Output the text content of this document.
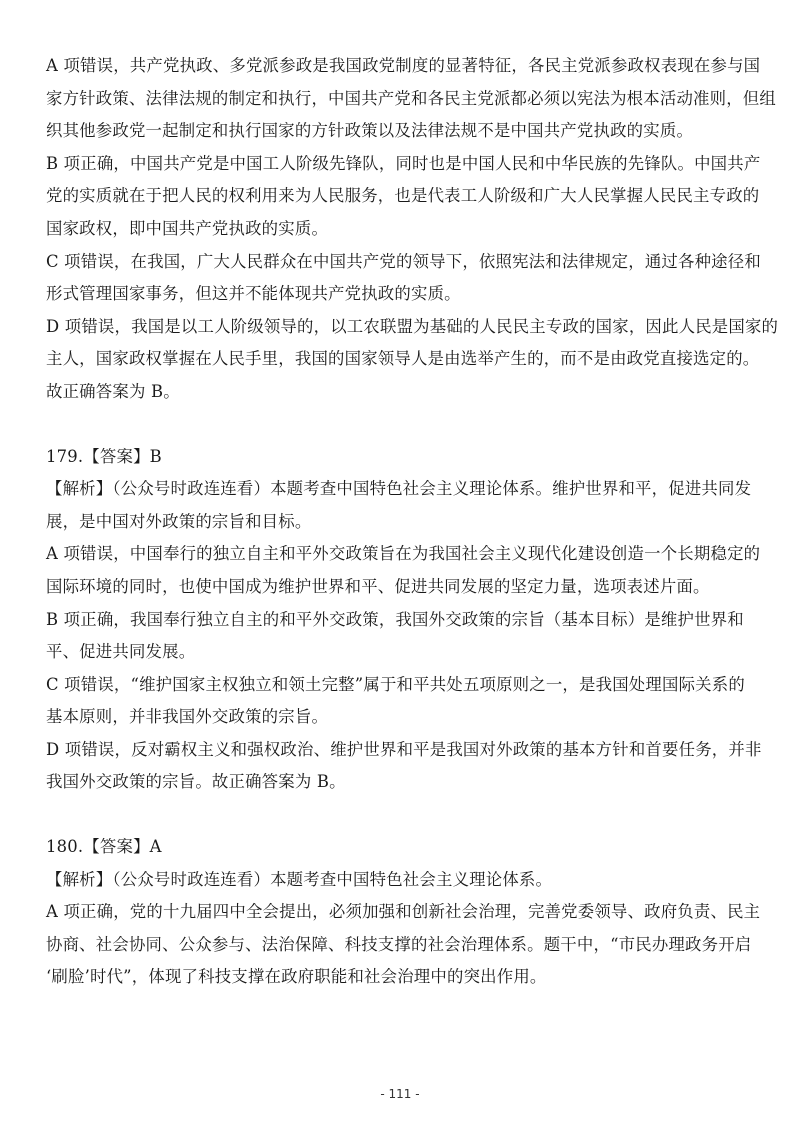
A 项错误，共产党执政、多党派参政是我国政党制度的显著特征，各民主党派参政权表现在参与国
家方针政策、法律法规的制定和执行，中国共产党和各民主党派都必须以宪法为根本活动准则，但组
织其他参政党一起制定和执行国家的方针政策以及法律法规不是中国共产党执政的实质。

B 项正确，中国共产党是中国工人阶级先锋队，同时也是中国人民和中华民族的先锋队。中国共产
党的实质就在于把人民的权利用来为人民服务，也是代表工人阶级和广大人民掌握人民民主专政的
国家政权，即中国共产党执政的实质。

C 项错误，在我国，广大人民群众在中国共产党的领导下，依照宪法和法律规定，通过各种途径和
形式管理国家事务，但这并不能体现共产党执政的实质。

D 项错误，我国是以工人阶级领导的，以工农联盟为基础的人民民主专政的国家，因此人民是国家的
主人，国家政权掌握在人民手里，我国的国家领导人是由选举产生的，而不是由政党直接选定的。

故正确答案为 B。

179.【答案】B

【解析】（公众号时政连连看）本题考查中国特色社会主义理论体系。维护世界和平，促进共同发
展，是中国对外政策的宗旨和目标。

A 项错误，中国奉行的独立自主和平外交政策旨在为我国社会主义现代化建设创造一个长期稳定的
国际环境的同时，也使中国成为维护世界和平、促进共同发展的坚定力量，选项表述片面。

B 项正确，我国奉行独立自主的和平外交政策，我国外交政策的宗旨（基本目标）是维护世界和
平、促进共同发展。

C 项错误，“维护国家主权独立和领土完整”属于和平共处五项原则之一，是我国处理国际关系的
基本原则，并非我国外交政策的宗旨。

D 项错误，反对霸权主义和强权政治、维护世界和平是我国对外政策的基本方针和首要任务，并非
我国外交政策的宗旨。故正确答案为 B。

180.【答案】A

【解析】（公众号时政连连看）本题考查中国特色社会主义理论体系。

A 项正确，党的十九届四中全会提出，必须加强和创新社会治理，完善党委领导、政府负责、民主
协商、社会协同、公众参与、法治保障、科技支撑的社会治理体系。题干中，“市民办理政务开启
‘刷脸’时代”，体现了科技支撑在政府职能和社会治理中的突出作用。

- 111 -
